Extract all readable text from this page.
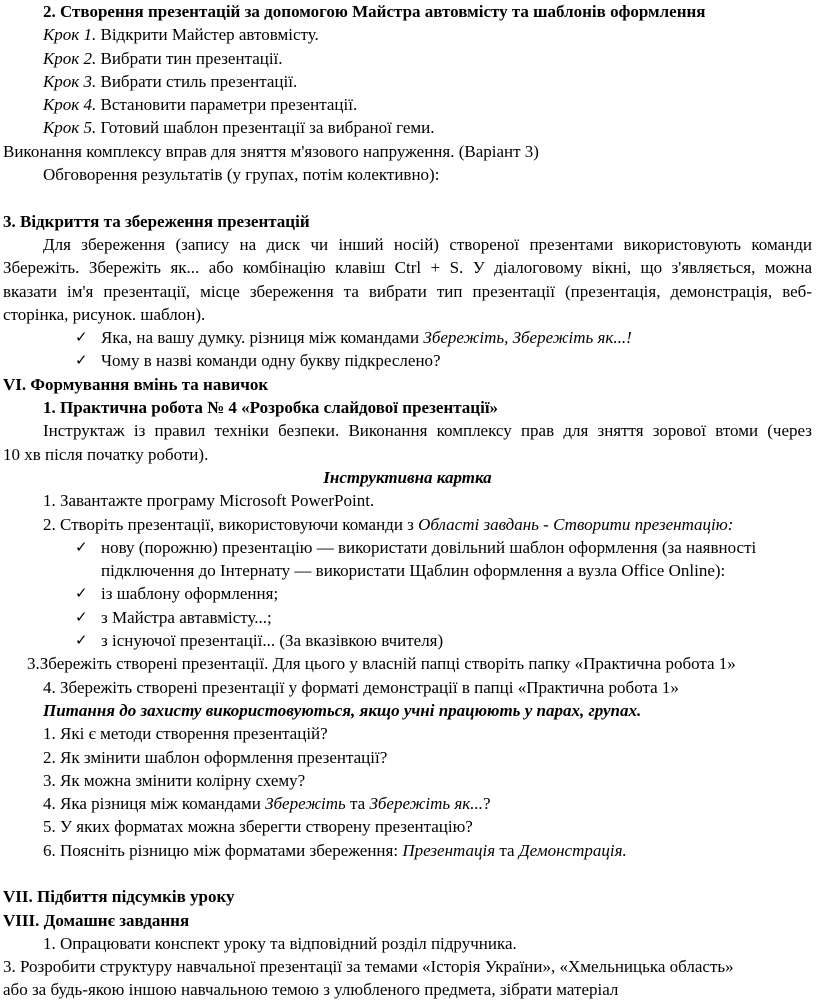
2. Створення презентацій за допомогою Майстра автовмісту та шаблонів оформлення
Крок 1. Відкрити Майстер автовмісту.
Крок 2. Вибрати тин презентації.
Крок 3. Вибрати стиль презентації.
Крок 4. Встановити параметри презентації.
Крок 5. Готовий шаблон презентації за вибраної геми.
Виконання комплексу вправ для зняття м'язового напруження. (Варіант 3)
Обговорення результатів (у групах, потім колективно):
3. Відкриття та збереження презентацій
Для збереження (запису на диск чи інший носій) створеної презентами використовують команди
Збережіть. Збережіть як... або комбінацію клавіш Ctrl + S. У діалоговому вікні, що з'являється, можна
вказати ім'я презентації, місце збереження та вибрати тип презентації (презентація, демонстрація, веб-
сторінка, рисунок. шаблон).
✓ Яка, на вашу думку. різниця між командами Збережіть, Збережіть як...!
✓ Чому в назві команди одну букву підкреслено?
VI. Формування вмінь та навичок
1. Практична робота № 4 «Розробка слайдової презентації»
Інструктаж із правил техніки безпеки. Виконання комплексу прав для зняття зорової втоми (через
10 хв після початку роботи).
Інструктивна картка
1. Завантажте програму Microsoft PowerPoint.
2. Створіть презентації, використовуючи команди з Області завдань - Створити презентацію:
✓ нову (порожню) презентацію — використати довільний шаблон оформлення (за наявності
підключення до Інтернату — використати Щаблин оформлення а вузла Office Online):
✓ із шаблону оформлення;
✓ з Майстра автавмісту...;
✓ з існуючої презентації... (За вказівкою вчителя)
3.Збережіть створені презентації. Для цього у власній папці створіть папку «Практична робота 1»
4. Збережіть створені презентації у форматі демонстрації в папці «Практична робота 1»
Питання до захисту використовуються, якщо учні працюють у парах, групах.
1. Які є методи створення презентацій?
2. Як змінити шаблон оформлення презентації?
3. Як можна змінити колірну схему?
4. Яка різниця між командами Збережіть та Збережіть як...?
5. У яких форматах можна зберегти створену презентацію?
6. Поясніть різницю між форматами збереження: Презентація та Демонстрація.
VII. Підбиття підсумків уроку
VIII. Домашнє завдання
1. Опрацювати конспект уроку та відповідний розділ підручника.
3. Розробити структуру навчальної презентації за темами «Історія України», «Хмельницька область»
або за будь-якою іншою навчальною темою з улюбленого предмета, зібрати матеріал
